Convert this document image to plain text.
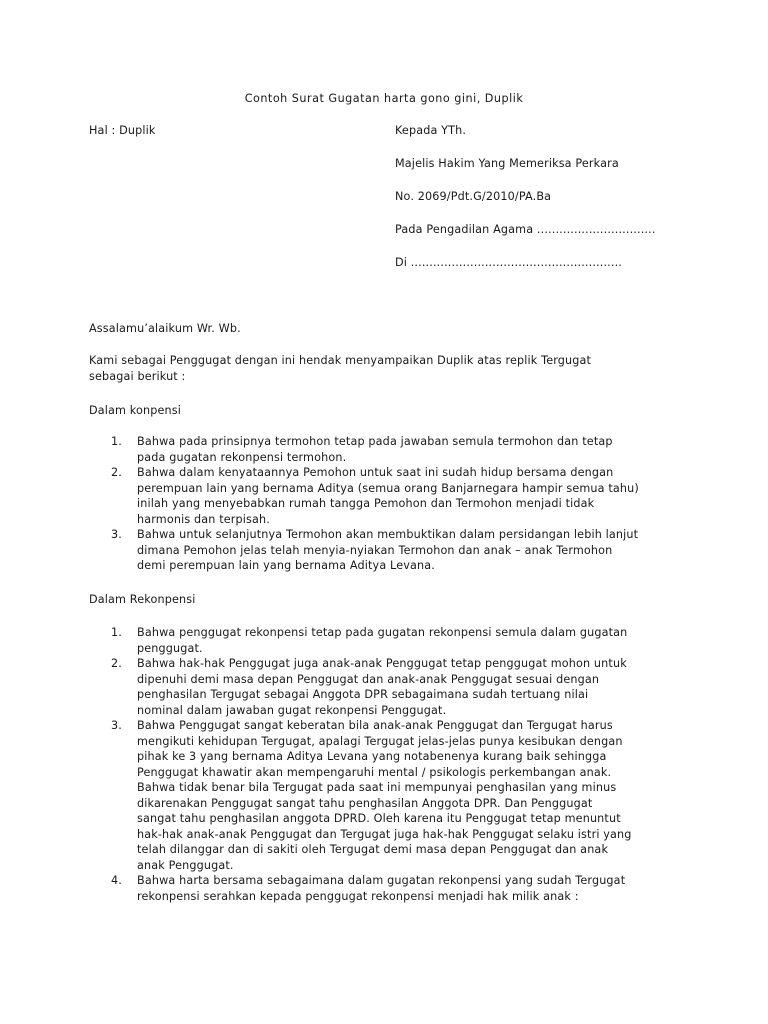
Contoh Surat Gugatan harta gono gini, Duplik
Hal : Duplik	Kepada YTh.
Majelis Hakim Yang Memeriksa Perkara
No. 2069/Pdt.G/2010/PA.Ba
Pada Pengadilan Agama ................................
Di .........................................................
Assalamu’alaikum Wr. Wb.
Kami sebagai Penggugat dengan ini hendak menyampaikan Duplik atas replik Tergugat
sebagai berikut :
Dalam konpensi
1. Bahwa pada prinsipnya termohon tetap pada jawaban semula termohon dan tetap
pada gugatan rekonpensi termohon.
2. Bahwa dalam kenyataannya Pemohon untuk saat ini sudah hidup bersama dengan
perempuan lain yang bernama Aditya (semua orang Banjarnegara hampir semua tahu)
inilah yang menyebabkan rumah tangga Pemohon dan Termohon menjadi tidak
harmonis dan terpisah.
3. Bahwa untuk selanjutnya Termohon akan membuktikan dalam persidangan lebih lanjut
dimana Pemohon jelas telah menyia-nyiakan Termohon dan anak – anak Termohon
demi perempuan lain yang bernama Aditya Levana.
Dalam Rekonpensi
1. Bahwa penggugat rekonpensi tetap pada gugatan rekonpensi semula dalam gugatan
penggugat.
2. Bahwa hak-hak Penggugat juga anak-anak Penggugat tetap penggugat mohon untuk
dipenuhi demi masa depan Penggugat dan anak-anak Penggugat sesuai dengan
penghasilan Tergugat sebagai Anggota DPR sebagaimana sudah tertuang nilai
nominal dalam jawaban gugat rekonpensi Penggugat.
3. Bahwa Penggugat sangat keberatan bila anak-anak Penggugat dan Tergugat harus
mengikuti kehidupan Tergugat, apalagi Tergugat jelas-jelas punya kesibukan dengan
pihak ke 3 yang bernama Aditya Levana yang notabenenya kurang baik sehingga
Penggugat khawatir akan mempengaruhi mental / psikologis perkembangan anak.
Bahwa tidak benar bila Tergugat pada saat ini mempunyai penghasilan yang minus
dikarenakan Penggugat sangat tahu penghasilan Anggota DPR. Dan Penggugat
sangat tahu penghasilan anggota DPRD. Oleh karena itu Penggugat tetap menuntut
hak-hak anak-anak Penggugat dan Tergugat juga hak-hak Penggugat selaku istri yang
telah dilanggar dan di sakiti oleh Tergugat demi masa depan Penggugat dan anak
anak Penggugat.
4. Bahwa harta bersama sebagaimana dalam gugatan rekonpensi yang sudah Tergugat
rekonpensi serahkan kepada penggugat rekonpensi menjadi hak milik anak :
